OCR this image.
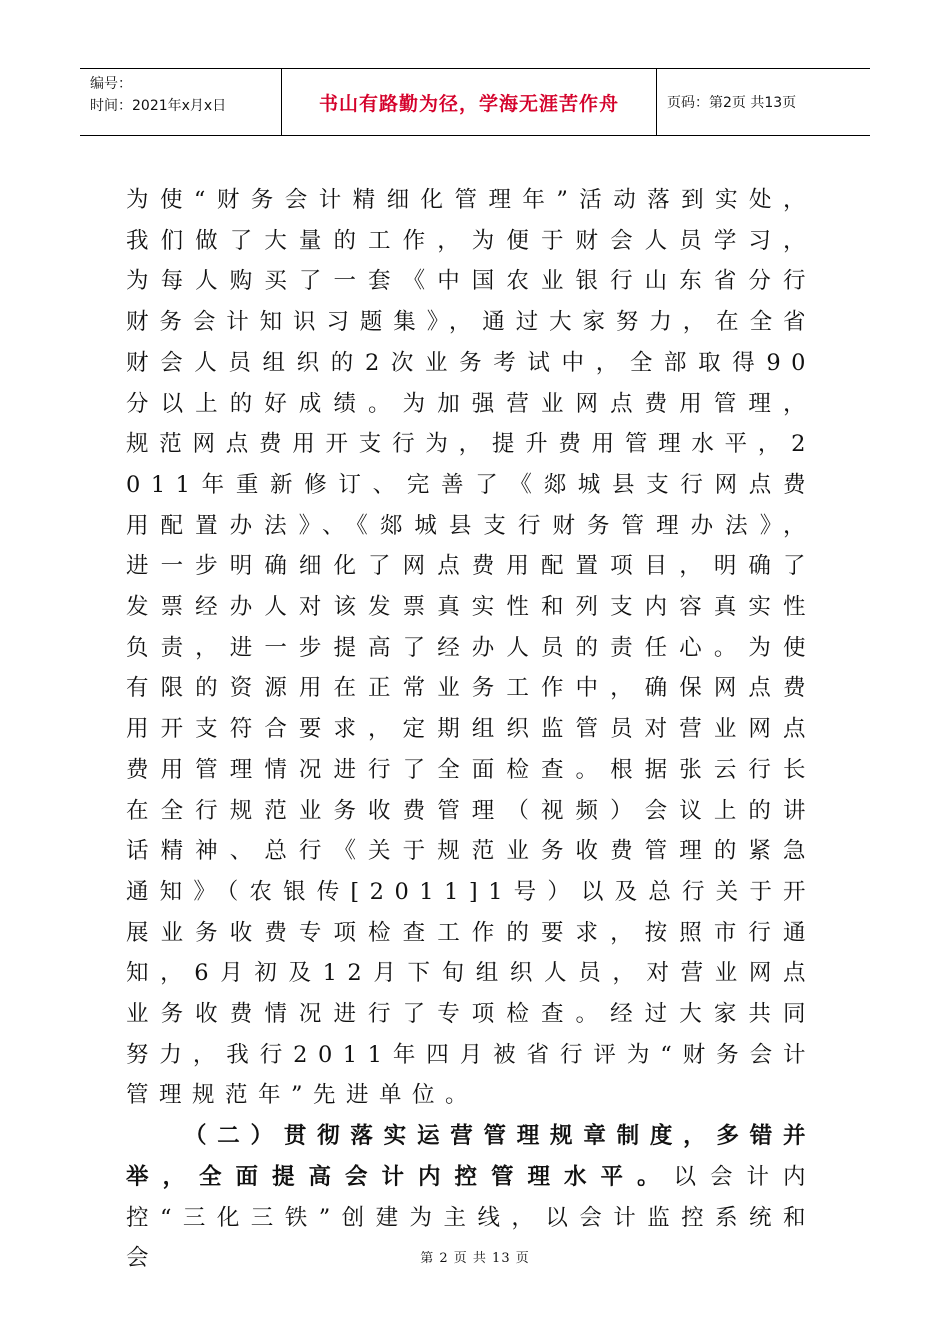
编号：
时间：2021年x月x日	书山有路勤为径，学海无涯苦作舟	页码：第2页 共13页

为使“财务会计精细化管理年”活动落到实处，我们做了大量的工作，为便于财会人员学习，为每人购买了一套《中国农业银行山东省分行财务会计知识习题集》，通过大家努力，在全省财会人员组织的2次业务考试中，全部取得90分以上的好成绩。为加强营业网点费用管理，规范网点费用开支行为，提升费用管理水平，2011年重新修订、完善了《郯城县支行网点费用配置办法》、《郯城县支行财务管理办法》，进一步明确细化了网点费用配置项目，明确了发票经办人对该发票真实性和列支内容真实性负责，进一步提高了经办人员的责任心。为使有限的资源用在正常业务工作中，确保网点费用开支符合要求，定期组织监管员对营业网点费用管理情况进行了全面检查。根据张云行长在全行规范业务收费管理（视频）会议上的讲话精神、总行《关于规范业务收费管理的紧急通知》（农银传[2011]1号）以及总行关于开展业务收费专项检查工作的要求，按照市行通知，6月初及12月下旬组织人员，对营业网点业务收费情况进行了专项检查。经过大家共同努力，我行2011年四月被省行评为“财务会计管理规范年”先进单位。

（二）贯彻落实运营管理规章制度，多错并举，全面提高会计内控管理水平。以会计内控“三化三铁”创建为主线，以会计监控系统和会	第 2 页 共 13 页
